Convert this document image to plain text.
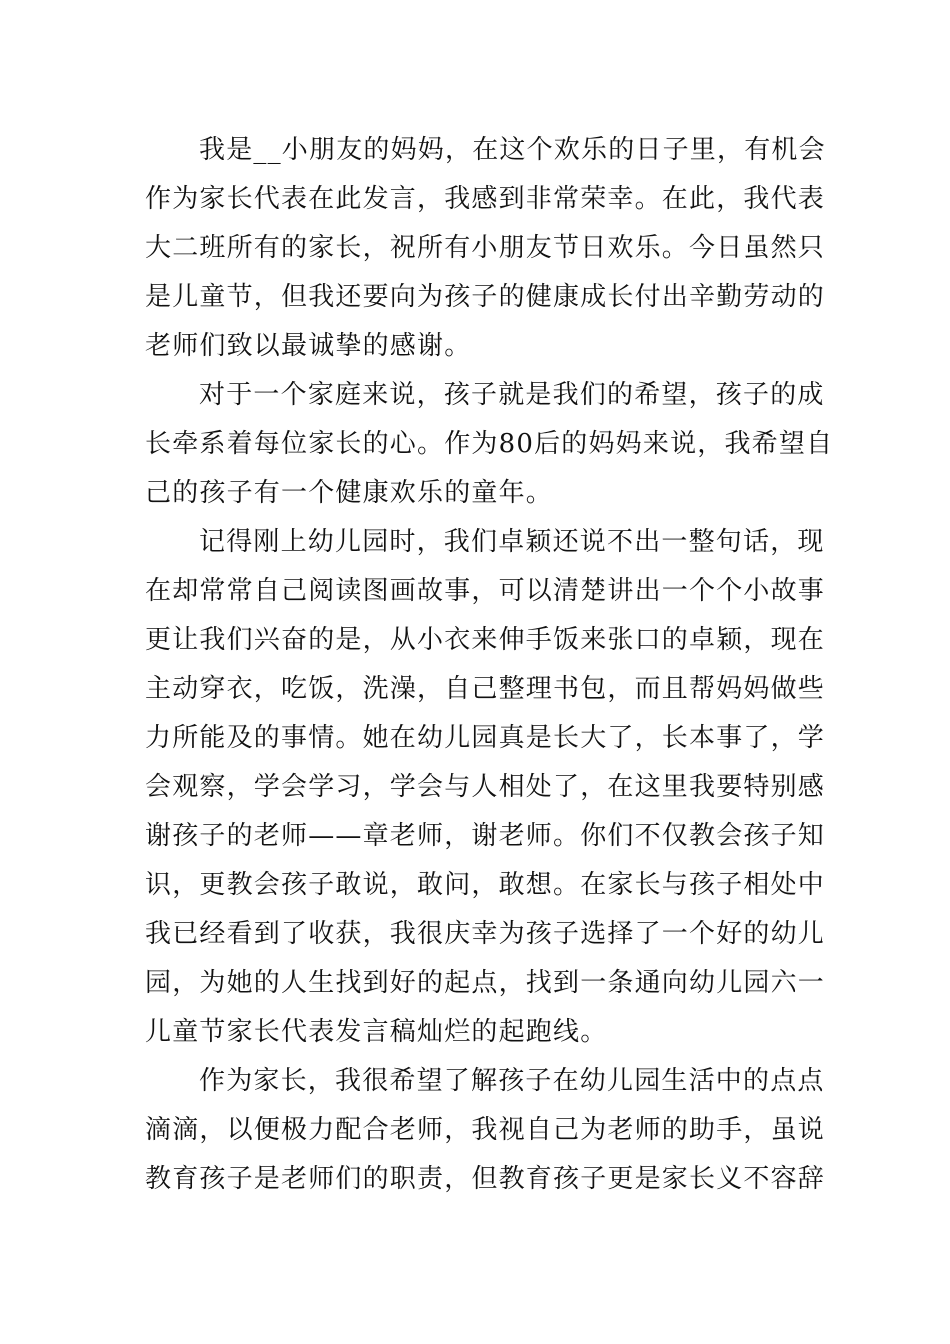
我是__小朋友的妈妈，在这个欢乐的日子里，有机会
作为家长代表在此发言，我感到非常荣幸。在此，我代表
大二班所有的家长，祝所有小朋友节日欢乐。今日虽然只
是儿童节，但我还要向为孩子的健康成长付出辛勤劳动的
老师们致以最诚挚的感谢。
对于一个家庭来说，孩子就是我们的希望，孩子的成
长牵系着每位家长的心。作为80后的妈妈来说，我希望自
己的孩子有一个健康欢乐的童年。
记得刚上幼儿园时，我们卓颖还说不出一整句话，现
在却常常自己阅读图画故事，可以清楚讲出一个个小故事
更让我们兴奋的是，从小衣来伸手饭来张口的卓颖，现在
主动穿衣，吃饭，洗澡，自己整理书包，而且帮妈妈做些
力所能及的事情。她在幼儿园真是长大了，长本事了，学
会观察，学会学习，学会与人相处了，在这里我要特别感
谢孩子的老师——章老师，谢老师。你们不仅教会孩子知
识，更教会孩子敢说，敢问，敢想。在家长与孩子相处中
我已经看到了收获，我很庆幸为孩子选择了一个好的幼儿
园，为她的人生找到好的起点，找到一条通向幼儿园六一
儿童节家长代表发言稿灿烂的起跑线。
作为家长，我很希望了解孩子在幼儿园生活中的点点
滴滴，以便极力配合老师，我视自己为老师的助手，虽说
教育孩子是老师们的职责，但教育孩子更是家长义不容辞
